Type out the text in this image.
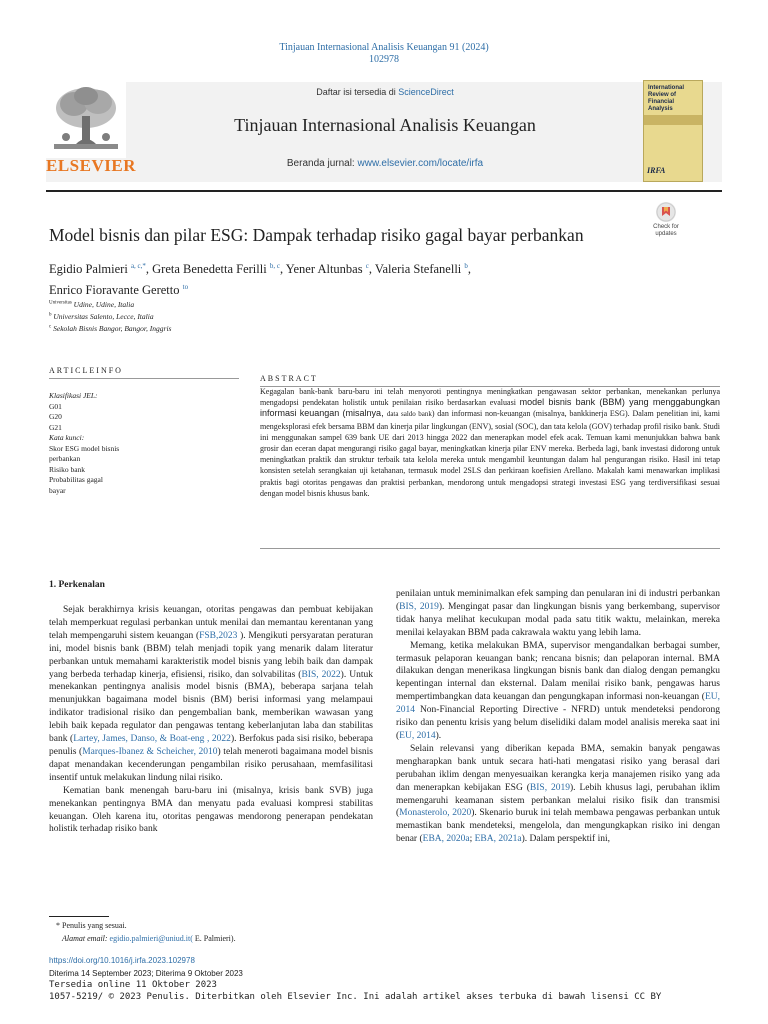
Tinjauan Internasional Analisis Keuangan 91 (2024)
102978
ELSEVIER
Daftar isi tersedia di ScienceDirect
Tinjauan Internasional Analisis Keuangan
Beranda jurnal: www.elsevier.com/locate/irfa
International Review of Financial Analysis
IRFA
Model bisnis dan pilar ESG: Dampak terhadap risiko gagal bayar perbankan	Check for updates
Egidio Palmieri $^{a, c,*}$, Greta Benedetta Ferilli $^{b, c}$, Yener Altunbas $^c$, Valeria Stefanelli $^b$,
Enrico Fioravante Geretto $^{to}$
$^{Universitas}$ Udine, Udine, Italia
$^b$ Universitas Salento, Lecce, Italia
$^c$ Sekolah Bisnis Bangor, Bangor, Inggris
ARTICLEINFO
ABSTRACT
Klasifikasi JEL:
G01
G20
G21
Kata kunci:
Skor ESG model bisnis
perbankan
Risiko bank
Probabilitas gagal
bayar
Kegagalan bank-bank baru-baru ini telah menyoroti pentingnya meningkatkan pengawasan sektor perbankan, menekankan perlunya mengadopsi pendekatan holistik untuk penilaian risiko berdasarkan evaluasi model bisnis bank (BBM) yang menggabungkan informasi keuangan (misalnya, data saldo bank) dan informasi non-keuangan (misalnya, bankkinerja ESG). Dalam penelitian ini, kami mengeksplorasi efek bersama BBM dan kinerja pilar lingkungan (ENV), sosial (SOC), dan tata kelola (GOV) terhadap profil risiko bank. Studi ini menggunakan sampel 639 bank UE dari 2013 hingga 2022 dan menerapkan model efek acak. Temuan kami menunjukkan bahwa bank grosir dan eceran dapat mengurangi risiko gagal bayar, meningkatkan kinerja pilar ENV mereka. Berbeda lagi, bank investasi didorong untuk meningkatkan praktik dan struktur terbaik tata kelola mereka untuk mengambil keuntungan dalam hal pengurangan risiko. Hasil ini tetap konsisten setelah serangkaian uji ketahanan, termasuk model 2SLS dan perkiraan koefisien Arellano. Makalah kami menawarkan implikasi praktis bagi otoritas pengawas dan praktisi perbankan, mendorong untuk mengadopsi strategi investasi ESG yang terdiversifikasi sesuai dengan model bisnis khusus bank.
1. Perkenalan

Sejak berakhirnya krisis keuangan, otoritas pengawas dan pembuat kebijakan telah memperkuat regulasi perbankan untuk menilai dan memantau kerentanan yang telah mempengaruhi sistem keuangan (FSB,2023 ). Mengikuti persyaratan peraturan ini, model bisnis bank (BBM) telah menjadi topik yang menarik dalam literatur perbankan untuk memahami karakteristik model bisnis yang lebih baik dan dampak yang berbeda terhadap kinerja, efisiensi, risiko, dan solvabilitas (BIS, 2022). Untuk menekankan pentingnya analisis model bisnis (BMA), beberapa sarjana telah menunjukkan bagaimana model bisnis (BM) berisi informasi yang melampaui indikator tradisional risiko dan pengembalian bank, memberikan wawasan yang lebih baik kepada regulator dan pengawas tentang keberlanjutan laba dan stabilitas bank (Lartey, James, Danso, & Boat-eng , 2022). Berfokus pada sisi risiko, beberapa penulis (Marques-Ibanez & Scheicher, 2010) telah meneroti bagaimana model bisnis dapat menandakan kecenderungan pengambilan risiko perusahaan, memfasilitasi insentif untuk melakukan lindung nilai risiko.

Kematian bank menengah baru-baru ini (misalnya, krisis bank SVB) juga menekankan pentingnya BMA dan menyatu pada evaluasi kompresi stabilitas keuangan. Oleh karena itu, otoritas pengawas mendorong penerapan pendekatan holistik terhadap risiko bank

penilaian untuk meminimalkan efek samping dan penularan ini di industri perbankan (BIS, 2019). Mengingat pasar dan lingkungan bisnis yang berkembang, supervisor tidak hanya melihat kecukupan modal pada satu titik waktu, melainkan, mereka menilai kelayakan BBM pada cakrawala waktu yang lebih lama.

Memang, ketika melakukan BMA, supervisor mengandalkan berbagai sumber, termasuk pelaporan keuangan bank; rencana bisnis; dan pelaporan internal. BMA dilakukan dengan menerikasa lingkungan bisnis bank dan dialog dengan pemangku kepentingan internal dan eksternal. Dalam menilai risiko bank, pengawas harus mempertimbangkan data keuangan dan pengungkapan informasi non-keuangan (EU, 2014 Non-Financial Reporting Directive - NFRD) untuk mendeteksi pendorong risiko dan penentu krisis yang belum diselidiki dalam model analisis mereka saat ini (EU, 2014).

Selain relevansi yang diberikan kepada BMA, semakin banyak pengawas mengharapkan bank untuk secara hati-hati mengatasi risiko yang berasal dari perubahan iklim dengan menyesuaikan kerangka kerja manajemen risiko yang ada dan menerapkan kebijakan ESG (BIS, 2019). Lebih khusus lagi, perubahan iklim memengaruhi keamanan sistem perbankan melalui risiko fisik dan transmisi (Monasterolo, 2020). Skenario buruk ini telah membawa pengawas perbankan untuk memastikan bank mendeteksi, mengelola, dan mengungkapkan risiko ini dengan benar (EBA, 2020a; EBA, 2021a). Dalam perspektif ini,

* Penulis yang sesuai.
Alamat email: egidio.palmieri@uniud.it( E. Palmieri).
https://doi.org/10.1016/j.irfa.2023.102978
Diterima 14 September 2023; Diterima 9 Oktober 2023
Tersedia online 11 Oktober 2023
1057-5219/ © 2023 Penulis. Diterbitkan oleh Elsevier Inc. Ini adalah artikel akses terbuka di bawah lisensi CC BY
